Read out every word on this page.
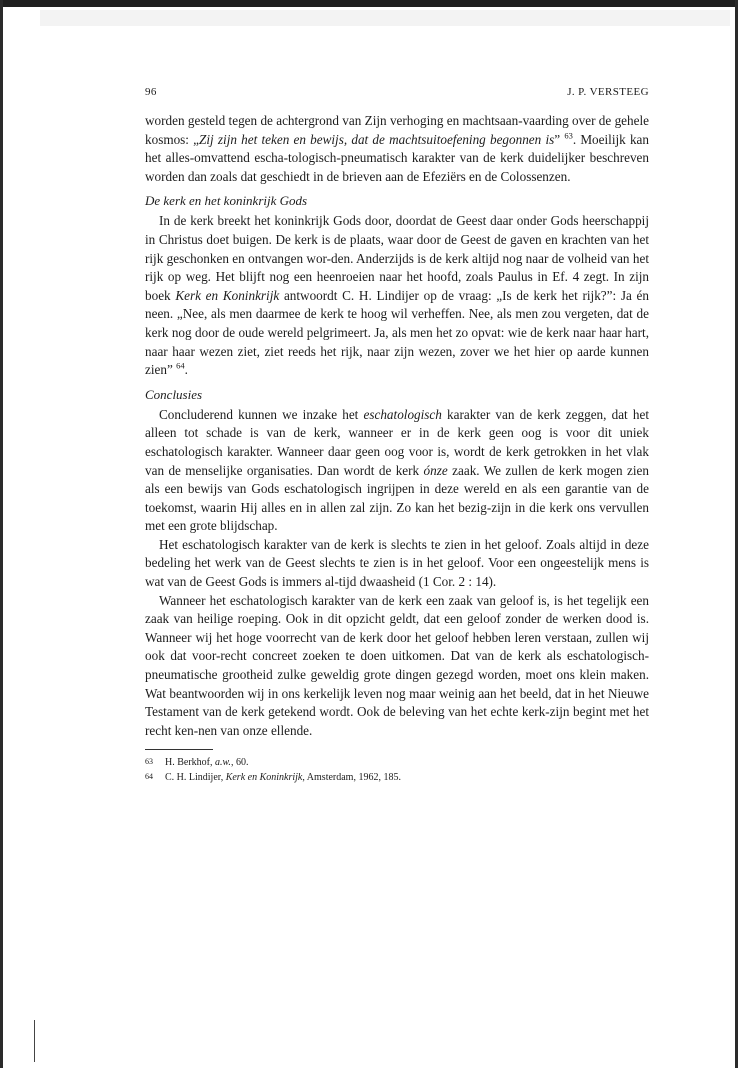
96	J. P. VERSTEEG

worden gesteld tegen de achtergrond van Zijn verhoging en machtsaan-vaarding over de gehele kosmos: „Zij zijn het teken en bewijs, dat de machtsuitoefening begonnen is” $^{63}$. Moeilijk kan het alles-omvattend escha-tologisch-pneumatisch karakter van de kerk duidelijker beschreven worden dan zoals dat geschiedt in de brieven aan de Efeziërs en de Colossenzen.

De kerk en het koninkrijk Gods

In de kerk breekt het koninkrijk Gods door, doordat de Geest daar onder Gods heerschappij in Christus doet buigen. De kerk is de plaats, waar door de Geest de gaven en krachten van het rijk geschonken en ontvangen wor-den. Anderzijds is de kerk altijd nog naar de volheid van het rijk op weg. Het blijft nog een heenroeien naar het hoofd, zoals Paulus in Ef. 4 zegt. In zijn boek Kerk en Koninkrijk antwoordt C. H. Lindijer op de vraag: „Is de kerk het rijk?”: Ja én neen. „Nee, als men daarmee de kerk te hoog wil verheffen. Nee, als men zou vergeten, dat de kerk nog door de oude wereld pelgrimeert. Ja, als men het zo opvat: wie de kerk naar haar hart, naar haar wezen ziet, ziet reeds het rijk, naar zijn wezen, zover we het hier op aarde kunnen zien” $^{64}$.

Conclusies

Concluderend kunnen we inzake het eschatologisch karakter van de kerk zeggen, dat het alleen tot schade is van de kerk, wanneer er in de kerk geen oog is voor dit uniek eschatologisch karakter. Wanneer daar geen oog voor is, wordt de kerk getrokken in het vlak van de menselijke organisaties. Dan wordt de kerk ónze zaak. We zullen de kerk mogen zien als een bewijs van Gods eschatologisch ingrijpen in deze wereld en als een garantie van de toekomst, waarin Hij alles en in allen zal zijn. Zo kan het bezig-zijn in die kerk ons vervullen met een grote blijdschap.

Het eschatologisch karakter van de kerk is slechts te zien in het geloof. Zoals altijd in deze bedeling het werk van de Geest slechts te zien is in het geloof. Voor een ongeestelijk mens is wat van de Geest Gods is immers al-tijd dwaasheid (1 Cor. 2 : 14).

Wanneer het eschatologisch karakter van de kerk een zaak van geloof is, is het tegelijk een zaak van heilige roeping. Ook in dit opzicht geldt, dat een geloof zonder de werken dood is. Wanneer wij het hoge voorrecht van de kerk door het geloof hebben leren verstaan, zullen wij ook dat voor-recht concreet zoeken te doen uitkomen. Dat van de kerk als eschatologisch-pneumatische grootheid zulke geweldig grote dingen gezegd worden, moet ons klein maken. Wat beantwoorden wij in ons kerkelijk leven nog maar weinig aan het beeld, dat in het Nieuwe Testament van de kerk getekend wordt. Ook de beleving van het echte kerk-zijn begint met het recht ken-nen van onze ellende.

63 H. Berkhof, a.w., 60.
64 C. H. Lindijer, Kerk en Koninkrijk, Amsterdam, 1962, 185.
